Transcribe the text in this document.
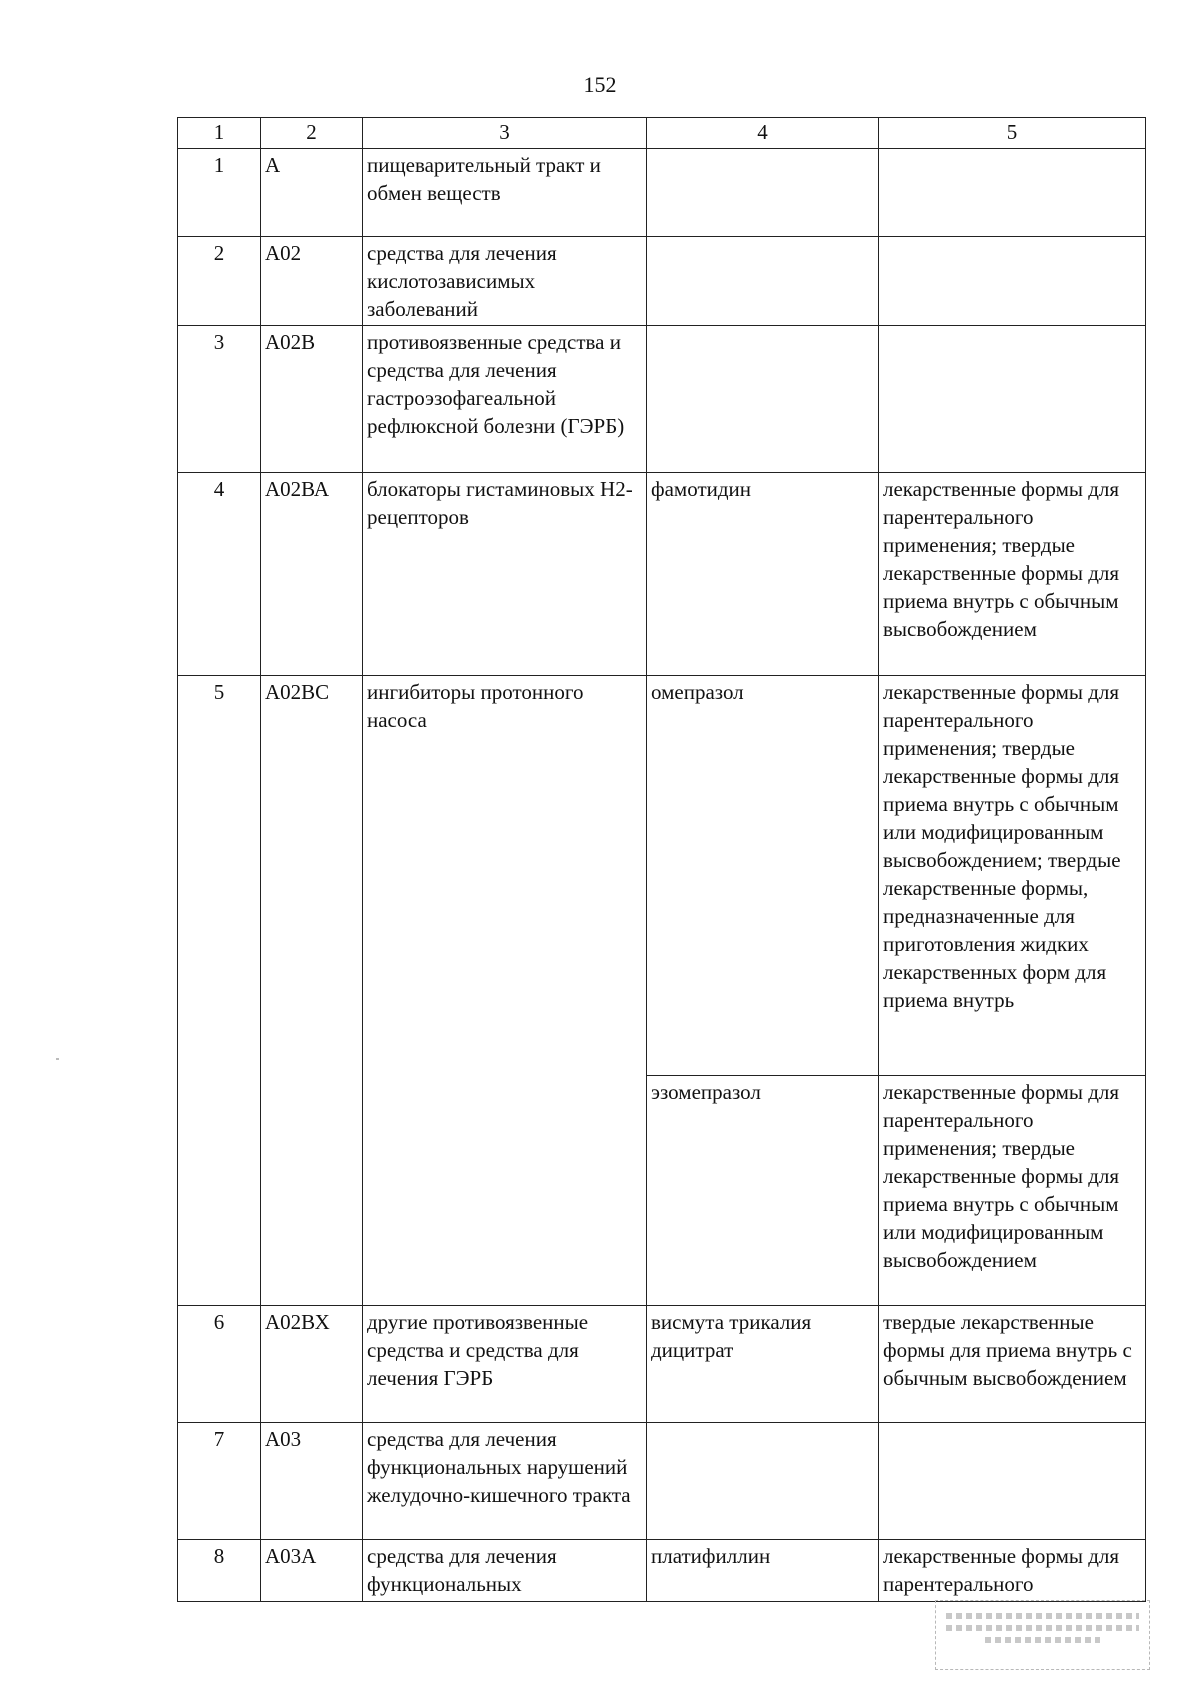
152
1	2	3	4	5
1	А	пищеварительный тракт и обмен веществ		
2	А02	средства для лечения кислотозависимых заболеваний		
3	А02В	противоязвенные средства и средства для лечения гастроэзофагеальной рефлюксной болезни (ГЭРБ)		
4	А02ВА	блокаторы гистаминовых Н2-рецепторов	фамотидин	лекарственные формы для парентерального применения; твердые лекарственные формы для приема внутрь с обычным высвобождением
5	А02ВС	ингибиторы протонного насоса	омепразол	лекарственные формы для парентерального применения; твердые лекарственные формы для приема внутрь с обычным или модифицированным высвобождением; твердые лекарственные формы, предназначенные для приготовления жидких лекарственных форм для приема внутрь
			эзомепразол	лекарственные формы для парентерального применения; твердые лекарственные формы для приема внутрь с обычным или модифицированным высвобождением
6	А02ВХ	другие противоязвенные средства и средства для лечения ГЭРБ	висмута трикалия дицитрат	твердые лекарственные формы для приема внутрь с обычным высвобождением
7	А03	средства для лечения функциональных нарушений желудочно-кишечного тракта		
8	А03А	средства для лечения функциональных	платифиллин	лекарственные формы для парентерального
